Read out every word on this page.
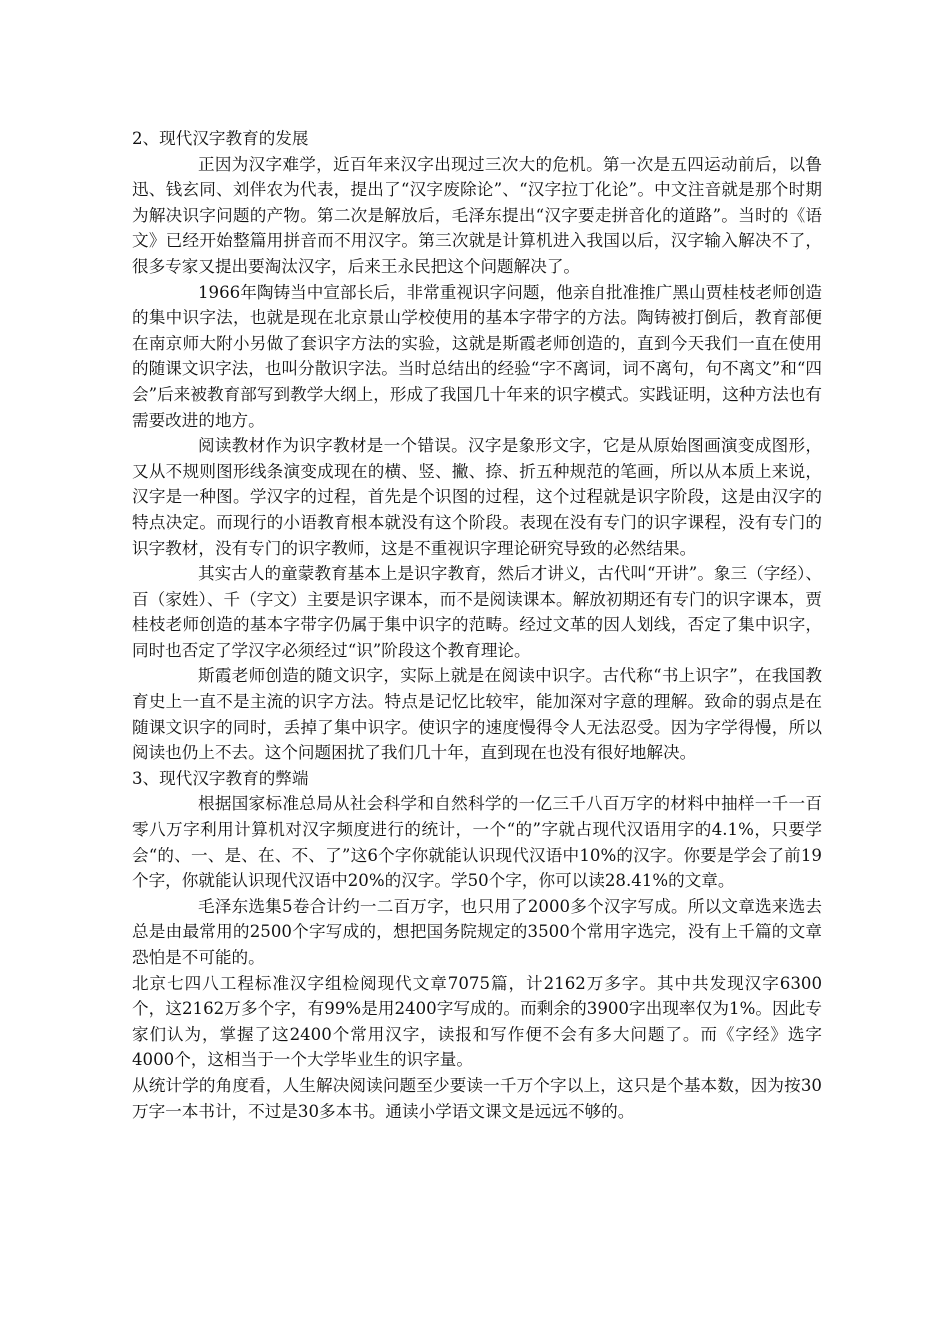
2、现代汉字教育的发展

正因为汉字难学，近百年来汉字出现过三次大的危机。第一次是五四运动前后，以鲁迅、钱玄同、刘伴农为代表，提出了“汉字废除论”、“汉字拉丁化论”。中文注音就是那个时期为解决识字问题的产物。第二次是解放后，毛泽东提出“汉字要走拼音化的道路”。当时的《语文》已经开始整篇用拼音而不用汉字。第三次就是计算机进入我国以后，汉字输入解决不了，很多专家又提出要淘汰汉字，后来王永民把这个问题解决了。

1966年陶铸当中宣部长后，非常重视识字问题，他亲自批准推广黑山贾桂枝老师创造的集中识字法，也就是现在北京景山学校使用的基本字带字的方法。陶铸被打倒后，教育部便在南京师大附小另做了套识字方法的实验，这就是斯霞老师创造的，直到今天我们一直在使用的随课文识字法，也叫分散识字法。当时总结出的经验“字不离词，词不离句，句不离文”和“四会”后来被教育部写到教学大纲上，形成了我国几十年来的识字模式。实践证明，这种方法也有需要改进的地方。

阅读教材作为识字教材是一个错误。汉字是象形文字，它是从原始图画演变成图形，又从不规则图形线条演变成现在的横、竖、撇、捺、折五种规范的笔画，所以从本质上来说，汉字是一种图。学汉字的过程，首先是个识图的过程，这个过程就是识字阶段，这是由汉字的特点决定。而现行的小语教育根本就没有这个阶段。表现在没有专门的识字课程，没有专门的识字教材，没有专门的识字教师，这是不重视识字理论研究导致的必然结果。

其实古人的童蒙教育基本上是识字教育，然后才讲义，古代叫“开讲”。象三（字经）、百（家姓）、千（字文）主要是识字课本，而不是阅读课本。解放初期还有专门的识字课本，贾桂枝老师创造的基本字带字仍属于集中识字的范畴。经过文革的因人划线，否定了集中识字，同时也否定了学汉字必须经过“识”阶段这个教育理论。

斯霞老师创造的随文识字，实际上就是在阅读中识字。古代称“书上识字”，在我国教育史上一直不是主流的识字方法。特点是记忆比较牢，能加深对字意的理解。致命的弱点是在随课文识字的同时，丢掉了集中识字。使识字的速度慢得令人无法忍受。因为字学得慢，所以阅读也仍上不去。这个问题困扰了我们几十年，直到现在也没有很好地解决。

3、现代汉字教育的弊端

根据国家标准总局从社会科学和自然科学的一亿三千八百万字的材料中抽样一千一百零八万字利用计算机对汉字频度进行的统计，一个“的”字就占现代汉语用字的4.1%，只要学会“的、一、是、在、不、了”这6个字你就能认识现代汉语中10%的汉字。你要是学会了前19个字，你就能认识现代汉语中20%的汉字。学50个字，你可以读28.41%的文章。

毛泽东选集5卷合计约一二百万字，也只用了2000多个汉字写成。所以文章选来选去总是由最常用的2500个字写成的，想把国务院规定的3500个常用字选完，没有上千篇的文章恐怕是不可能的。

北京七四八工程标准汉字组检阅现代文章7075篇，计2162万多字。其中共发现汉字6300个，这2162万多个字，有99%是用2400字写成的。而剩余的3900字出现率仅为1%。因此专家们认为，掌握了这2400个常用汉字，读报和写作便不会有多大问题了。而《字经》选字4000个，这相当于一个大学毕业生的识字量。

从统计学的角度看，人生解决阅读问题至少要读一千万个字以上，这只是个基本数，因为按30万字一本书计，不过是30多本书。通读小学语文课文是远远不够的。
